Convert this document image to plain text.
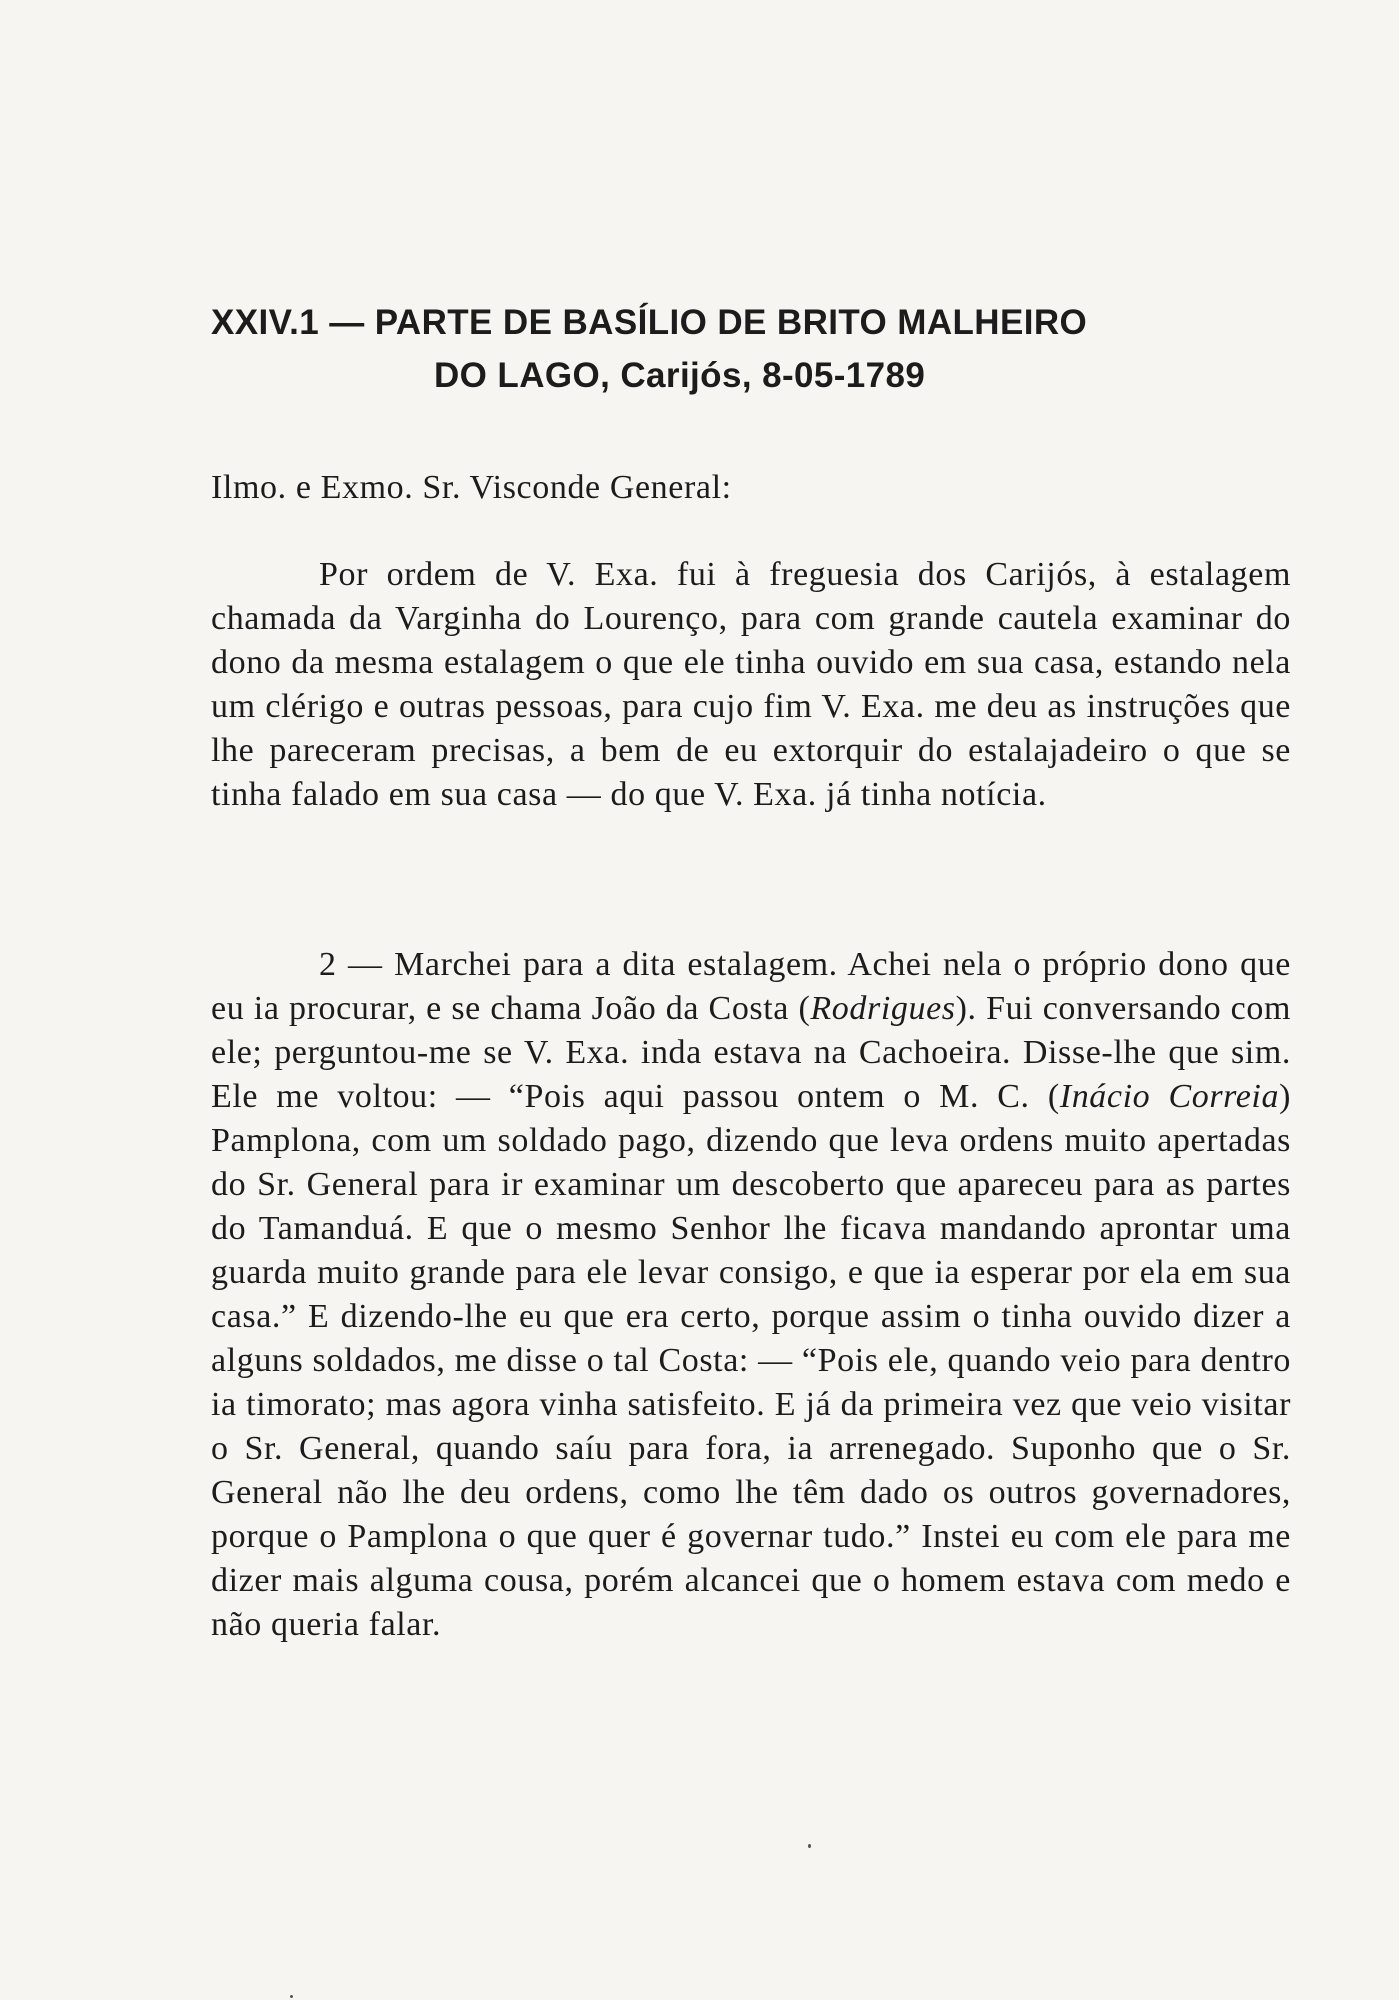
XXIV.1 — PARTE DE BASÍLIO DE BRITO MALHEIRO
DO LAGO, Carijós, 8-05-1789
Ilmo. e Exmo. Sr. Visconde General:

Por ordem de V. Exa. fui à freguesia dos Carijós, à estalagem chamada da Varginha do Lourenço, para com grande cautela examinar do dono da mesma estalagem o que ele tinha ouvido em sua casa, estando nela um clérigo e outras pessoas, para cujo fim V. Exa. me deu as instruções que lhe pareceram precisas, a bem de eu extorquir do estalajadeiro o que se tinha falado em sua casa — do que V. Exa. já tinha notícia.

2 — Marchei para a dita estalagem. Achei nela o próprio dono que eu ia procurar, e se chama João da Costa (Rodrigues). Fui conversando com ele; perguntou-me se V. Exa. inda estava na Cachoeira. Disse-lhe que sim. Ele me voltou: — “Pois aqui passou ontem o M. C. (Inácio Correia) Pamplona, com um soldado pago, dizendo que leva ordens muito apertadas do Sr. General para ir examinar um descoberto que apareceu para as partes do Tamanduá. E que o mesmo Senhor lhe ficava mandando aprontar uma guarda muito grande para ele levar consigo, e que ia esperar por ela em sua casa.” E dizendo-lhe eu que era certo, porque assim o tinha ouvido dizer a alguns soldados, me disse o tal Costa: — “Pois ele, quando veio para dentro ia timorato; mas agora vinha satisfeito. E já da primeira vez que veio visitar o Sr. General, quando saíu para fora, ia arrenegado. Suponho que o Sr. General não lhe deu ordens, como lhe têm dado os outros governadores, porque o Pamplona o que quer é governar tudo.” Instei eu com ele para me dizer mais alguma cousa, porém alcancei que o homem estava com medo e não queria falar.
